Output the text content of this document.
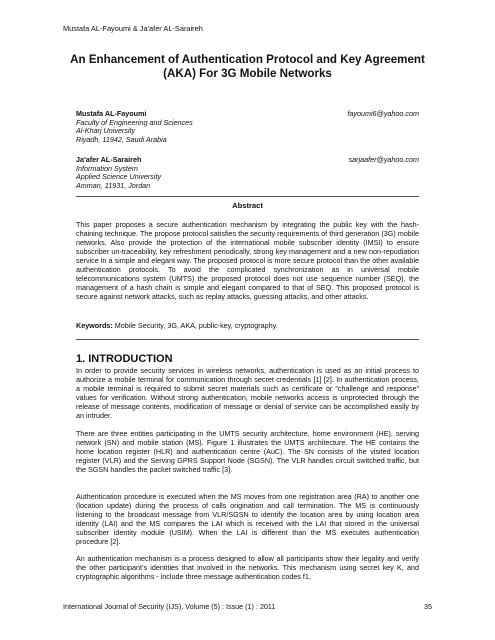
Mustafa AL-Fayoumi & Ja'afer AL-Saraireh
An Enhancement of Authentication Protocol and Key Agreement
(AKA) For 3G Mobile Networks
Mustafa AL-Fayoumi	fayoumi6@yahoo.com
Faculty of Engineering and Sciences
Al-Kharj University
Riyadh, 11942, Saudi Arabia
Ja'afer AL-Saraireh	sarjaafer@yahoo.com
Information System
Applied Science University
Amman, 11931, Jordan
Abstract
This paper proposes a secure authentication mechanism by integrating the public key with the hash-chaining technique. The propose protocol satisfies the security requirements of third generation (3G) mobile networks. Also provide the protection of the international mobile subscriber identity (IMSI) to ensure subscriber un-traceability, key refreshment periodically, strong key management and a new non-repudiation service in a simple and elegant way. The proposed protocol is more secure protocol than the other available authentication protocols. To avoid the complicated synchronization as in universal mobile telecommunications system (UMTS) the proposed protocol does not use sequence number (SEQ), the management of a hash chain is simple and elegant compared to that of SEQ. This proposed protocol is secure against network attacks, such as replay attacks, guessing attacks, and other attacks.
Keywords: Mobile Security, 3G, AKA, public-key, cryptography.
1. INTRODUCTION
In order to provide security services in wireless networks, authentication is used as an initial process to authorize a mobile terminal for communication through secret credentials [1] [2]. In authentication process, a mobile terminal is required to submit secret materials such as certificate or “challenge and response” values for verification. Without strong authentication, mobile networks access is unprotected through the release of message contents, modification of message or denial of service can be accomplished easily by an intruder.
There are three entities participating in the UMTS security architecture, home environment (HE), serving network (SN) and mobile station (MS). Figure 1 illustrates the UMTS architecture. The HE contains the home location register (HLR) and authentication centre (AuC). The SN consists of the visited location register (VLR) and the Serving GPRS Support Node (SGSN). The VLR handles circuit switched traffic, but the SGSN handles the packet switched traffic [3].
Authentication procedure is executed when the MS moves from one registration area (RA) to another one (location update) during the process of calls origination and call termination. The MS is continuously listening to the broadcast message from VLR/SGSN to identify the location area by using location area identity (LAI) and the MS compares the LAI which is received with the LAI that stored in the universal subscriber identity module (USIM). When the LAI is different than the MS executes authentication procedure [2].
An authentication mechanism is a process designed to allow all participants show their legality and verify the other participant’s identities that involved in the networks. This mechanism using secret key K, and cryptographic algorithms - include three message authentication codes f1,
International Journal of Security (IJS), Volume (5) : Issue (1) : 2011	35
